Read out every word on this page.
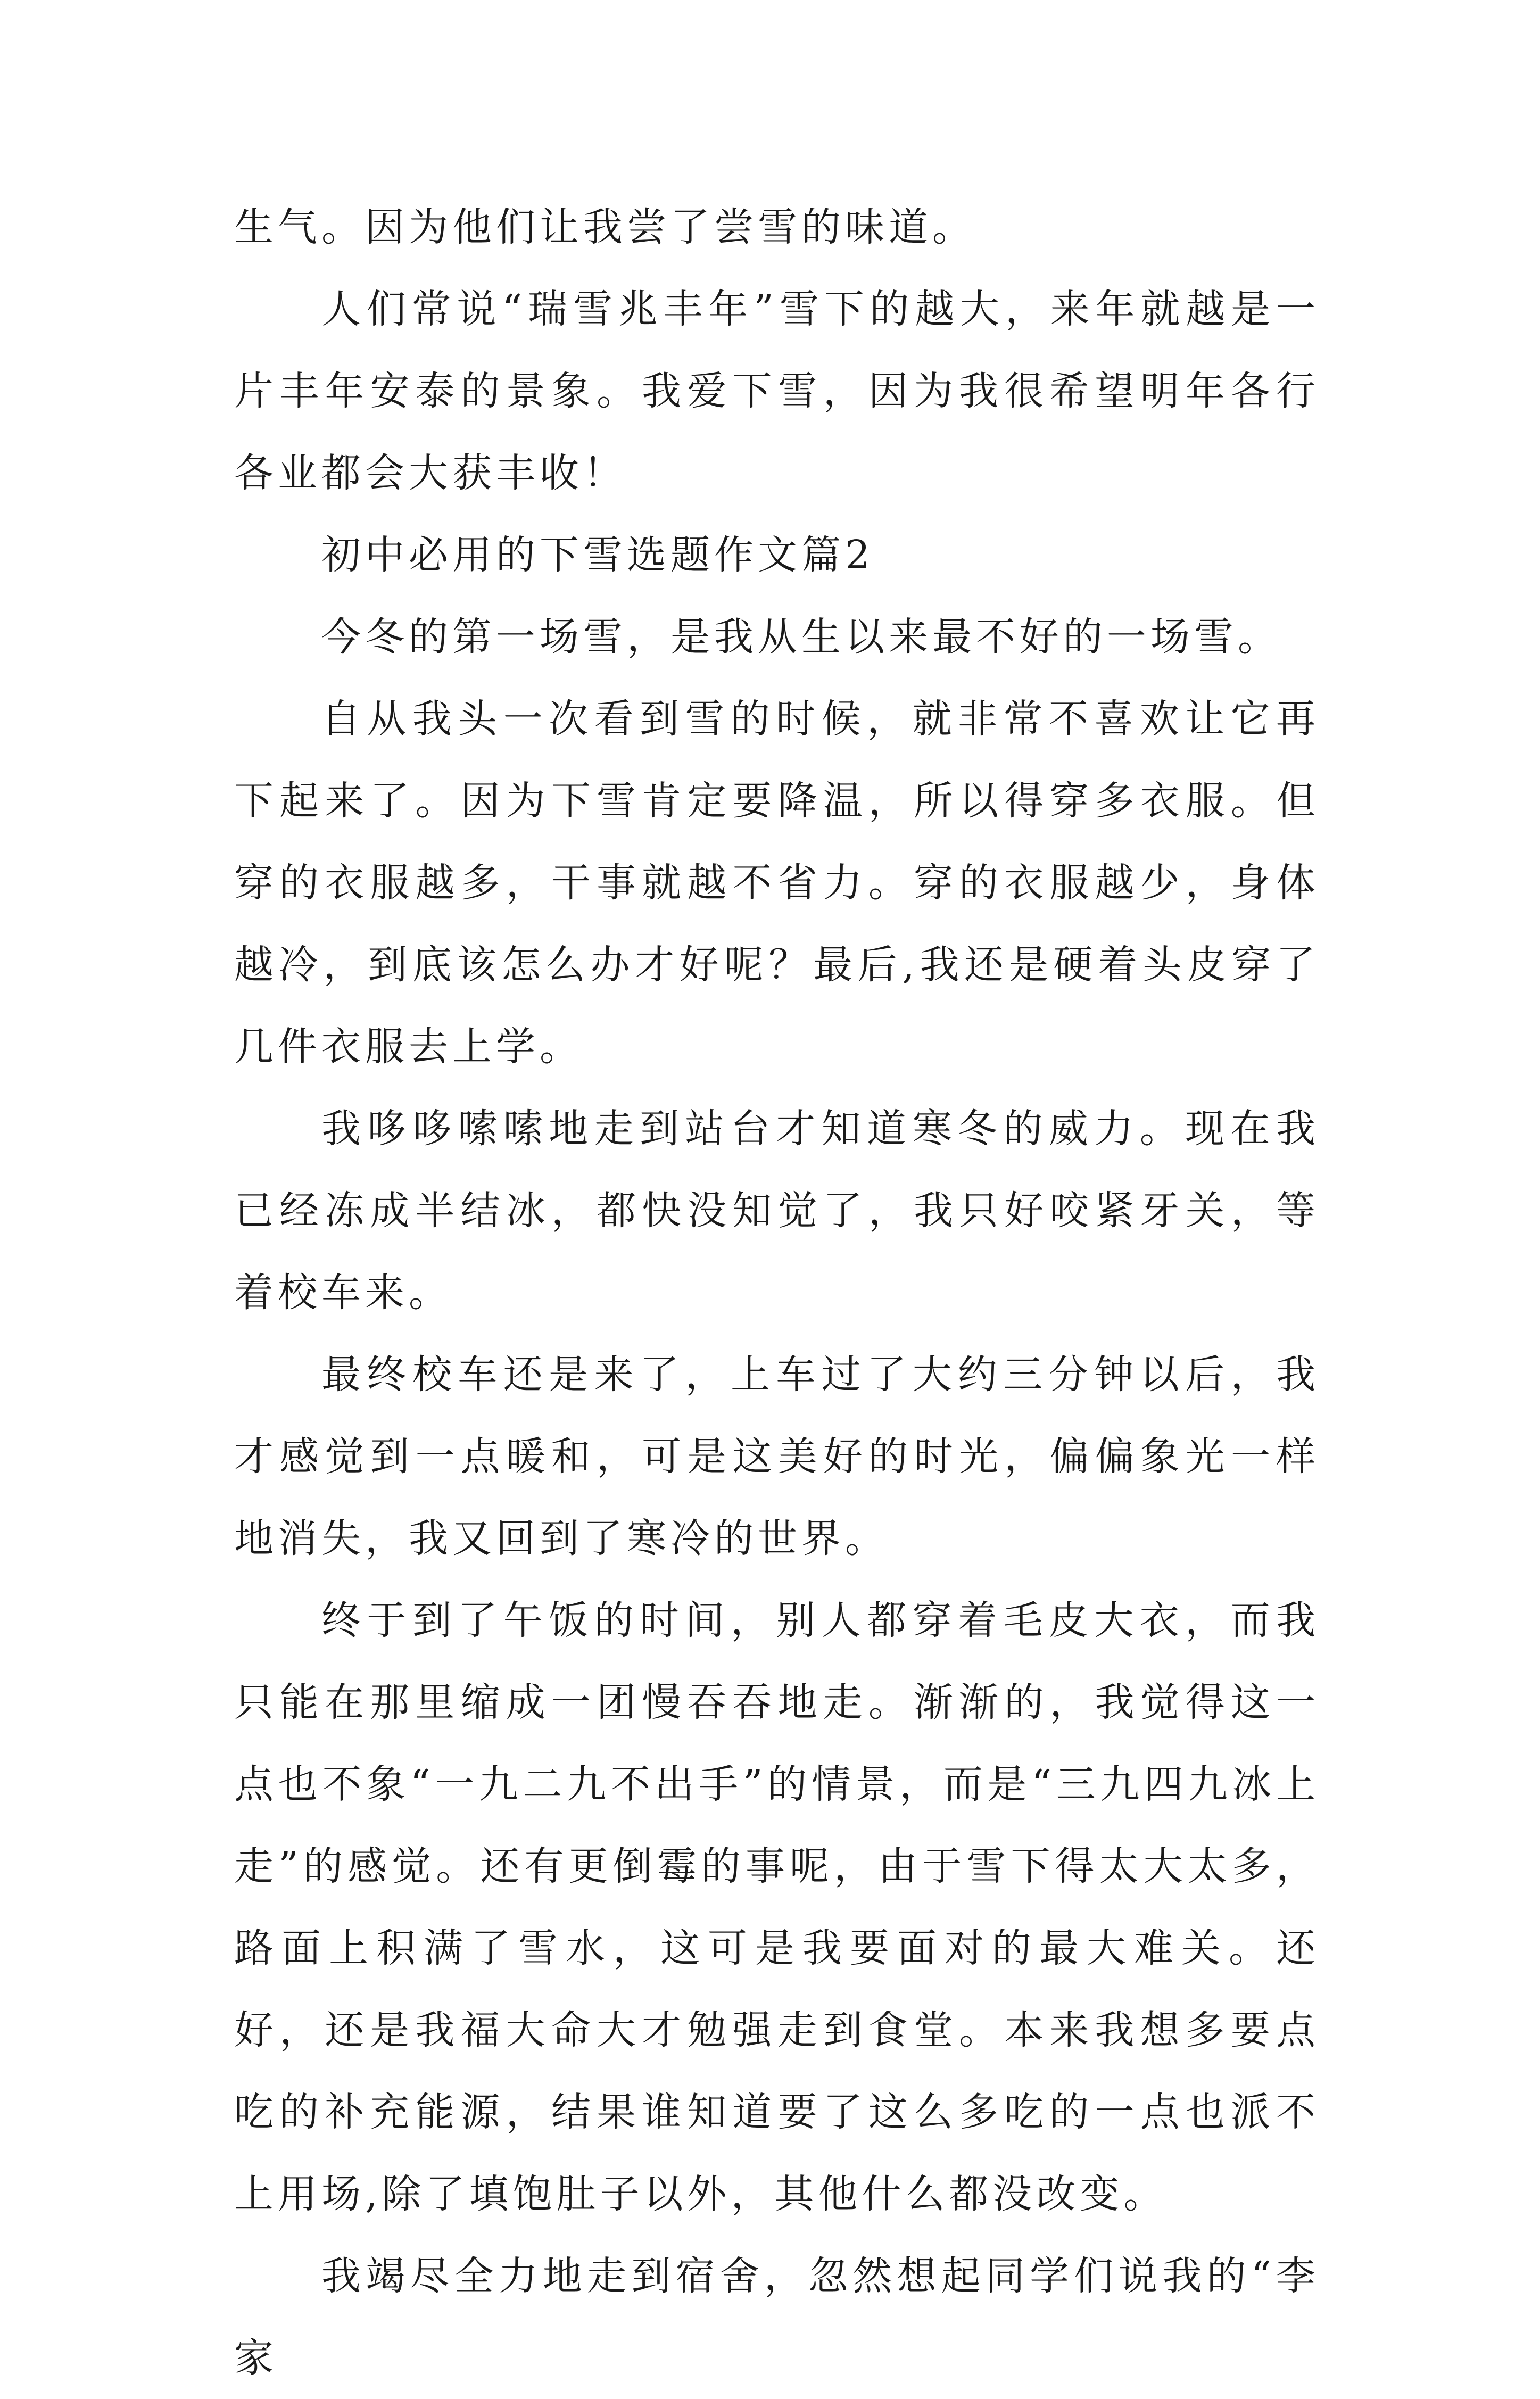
生气。因为他们让我尝了尝雪的味道。

人们常说“瑞雪兆丰年”雪下的越大，来年就越是一片丰年安泰的景象。我爱下雪，因为我很希望明年各行各业都会大获丰收！

初中必用的下雪选题作文篇2

今冬的第一场雪，是我从生以来最不好的一场雪。

自从我头一次看到雪的时候，就非常不喜欢让它再下起来了。因为下雪肯定要降温，所以得穿多衣服。但穿的衣服越多，干事就越不省力。穿的衣服越少，身体越冷，到底该怎么办才好呢？最后,我还是硬着头皮穿了几件衣服去上学。

我哆哆嗦嗦地走到站台才知道寒冬的威力。现在我已经冻成半结冰，都快没知觉了，我只好咬紧牙关，等着校车来。

最终校车还是来了，上车过了大约三分钟以后，我才感觉到一点暖和，可是这美好的时光，偏偏象光一样地消失，我又回到了寒冷的世界。

终于到了午饭的时间，别人都穿着毛皮大衣，而我只能在那里缩成一团慢吞吞地走。渐渐的，我觉得这一点也不象“一九二九不出手”的情景，而是“三九四九冰上走”的感觉。还有更倒霉的事呢，由于雪下得太大太多，路面上积满了雪水，这可是我要面对的最大难关。还好，还是我福大命大才勉强走到食堂。本来我想多要点吃的补充能源，结果谁知道要了这么多吃的一点也派不上用场,除了填饱肚子以外，其他什么都没改变。

我竭尽全力地走到宿舍，忽然想起同学们说我的“李家
